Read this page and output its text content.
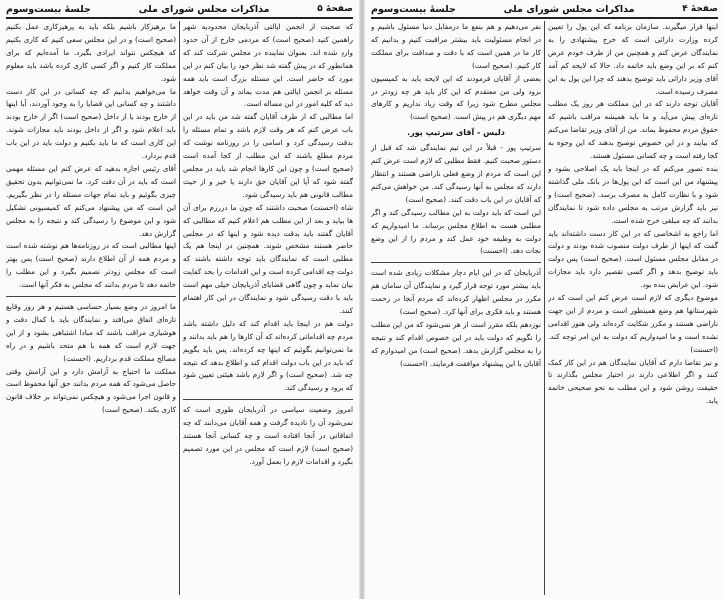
جلسهٔ بیست‌وسوم	مذاکرات مجلس شورای ملی	صفحهٔ ۵

که صحبت از انجمن ایالتی آذربایجان محدودیه شهر راهمین کنید (صحیح است) که مردمی خارج از آن حدود واردِ شده اند. بعنوان نماینده در مجلس شرکت کند که همانطور که در پیش گفته شد نظر خود را بیان کنم در این مورد که حاضر است. این مسئله بزرگ است باید همه مسئله بر انجمن ایالتی هم مدت بماند و آن وقت خواهد دید که کلیه امور در این مساله است.

اما مطالبی که از طرف آقایان گفته شد من باید در این باب عرض کنم که هر وقت لازم باشد و تمام مسئله را بدقت رسیدگی کرد و اسامی را در روزنامه نوشت که مردم مطلع باشند که این مطلب از کجا آمده است (صحیح است) و چون این کارها انجام شد باید در مجلس گفته شود که آیا این آقایان حق دارند یا خیر و از حیث مطالب قانونی هم باید رسیدگی شود.

شاه (احسنت) صحبت داشتند که چون ما دررزم برای آن ها بیاید و بعد از این مطلب هم اعلام کنیم که مطالبی که آقایان گفتند باید بدقت دیده شود و اینها که در مجلس حاضر هستند مشخص شوند. همچنین در اینجا هم یک مطلبی است که نمایندگان باید توجه داشته باشند که دولت چه اقدامی کرده است و این اقدامات را بحد کفایت بیان نماید و چون گاهی قضایای آذربایجان خیلی مهم است باید با دقت رسیدگی شود و نمایندگان در این کار اهتمام کنند.

دولت هم در اینجا باید اقدام کند که دلیل داشته باشد مردم چه اقداماتی کرده‌اند که آن کارها را هم باید بدانند و ما نمی‌توانیم بگوئیم که اینها چه کرده‌اند. پس باید بگویم که باید در این باب دولت اقدام کند و اطلاع بدهد که نتیجه چه شد. (صحیح است) و اگر لازم باشد هیئتی تعیین شود که برود و رسیدگی کند.

امروز وضعیت سیاسی در آذربایجان طوری است که نمی‌شود آن را نادیده گرفت و همه آقایان می‌دانند که چه اتفاقاتی در آنجا افتاده است و چه کسانی آنجا هستند (صحیح است) لازم است که مجلس در این مورد تصمیم بگیرد و اقدامات لازم را بعمل آورد.

ما برهیزکار باشیم بلکه باید به پرهیزکاری عمل بکنیم (صحیح است) و در این مجلس سعی کنیم که کاری بکنیم که هیچکس نتواند ایرادی بگیرد. ما آمده‌ایم که برای مملکت کار کنیم و اگر کسی کاری کرده باشد باید معلوم شود.

ما می‌خواهیم بدانیم که چه کسانی در این کار دست داشتند و چه کسانی این قضایا را به وجود آوردند، آیا اینها از خارج بودند یا از داخل (صحیح است) اگر از خارج بودند باید اعلام شود و اگر از داخل بودند باید مجازات شوند. این کاری است که ما باید بکنیم و دولت باید در این باب قدم بردارد.

آقای رئیس اجازه بدهید که عرض کنم این مسئله مهمی است که باید در آن دقت کرد. ما نمی‌توانیم بدون تحقیق چیزی بگوئیم و باید تمام جهات مسئله را در نظر بگیریم. این است که من پیشنهاد می‌کنم که کمیسیونی تشکیل شود و این موضوع را رسیدگی کند و نتیجه را به مجلس گزارش دهد.

اینها مطالبی است که در روزنامه‌ها هم نوشته شده است و مردم همه از آن اطلاع دارند (صحیح است) پس بهتر است که مجلس زودتر تصمیم بگیرد و این مطلب را خاتمه دهد تا مردم بدانند که مجلس به فکر آنها است.

ما امروز در وضع بسیار حساسی هستیم و هر روز وقایع تازه‌ای اتفاق می‌افتد و نمایندگان باید با کمال دقت و هوشیاری مراقب باشند که مبادا اشتباهی بشود و از این جهت لازم است که همه با هم متحد باشیم و در راه مصالح مملکت قدم برداریم. (احسنت)

مملکت ما احتیاج به آرامش دارد و این آرامش وقتی حاصل می‌شود که همه مردم بدانند حق آنها محفوظ است و قانون اجرا می‌شود و هیچکس نمی‌تواند بر خلاف قانون کاری بکند. (صحیح است)

صفحهٔ ۴
مذاکرات مجلس شورای ملی
جلسهٔ بیست‌وسوم

اینها قرار میگیرند. سازمان برنامه که این پول را تعیین کرده وزارت دارائی است که خرج پیشنهادی را به نمایندگان عرض کنم و همچنین من از طرف خودم عرض کنم که بر این وضع باید خاتمه داد. حالا که لایحه کم آمد آقای وزیر دارائی باید توضیح بدهند که چرا این پول به این مصرف رسیده است.

آقایان توجه دارند که در این مملکت هر روز یک مطلب تازه‌ای پیش می‌آید و ما باید همیشه مراقب باشیم که حقوق مردم محفوظ بماند. من از آقای وزیر تقاضا می‌کنم که بیایند و در این خصوص توضیح بدهند که این وجوه به کجا رفته است و چه کسانی مسئول هستند.

بنده تصور می‌کنم که در اینجا باید یک اصلاحی بشود و پیشنهاد من این است که این پول‌ها در بانک ملی گذاشته شود و با نظارت کامل به مصرف برسد. (صحیح است) و نیز باید گزارش مرتب به مجلس داده شود تا نمایندگان بدانند که چه مبلغی خرج شده است.

اما راجع به اشخاصی که در این کار دست داشته‌اند باید گفت که اینها از طرف دولت منصوب شده بودند و دولت در مقابل مجلس مسئول است. (صحیح است) پس دولت باید توضیح بدهد و اگر کسی تقصیر دارد باید مجازات شود. این عرایض بنده بود.

موضوع دیگری که لازم است عرض کنم این است که در شهرستانها هم وضع همینطور است و مردم از این جهت ناراضی هستند و مکرر شکایت کرده‌اند ولی هنوز اقدامی نشده است و ما امیدواریم که دولت به این امر توجه کند. (احسنت)

و نیز تقاضا دارم که آقایان نمایندگان هم در این کار کمک کنند و اگر اطلاعی دارند در اختیار مجلس بگذارند تا حقیقت روشن شود و این مطلب به نحو صحیحی خاتمه یابد.

نفر می‌دهیم و هم بنفع ما درمقابل دنیا مسئول باشیم و در انجام مسئولیت باید بیشتر مراقبت کنیم و بدانیم که کار ما در همین است که با دقت و صداقت برای مملکت کار کنیم. (صحیح است)

بعضی از آقایان فرمودند که این لایحه باید به کمیسیون برود ولی من معتقدم که این کار باید هر چه زودتر در مجلس مطرح شود زیرا که وقت زیاد نداریم و کارهای مهم دیگری هم در پیش است. (صحیح است)

دلیس - آقای سرتیپ پور.

سرتیپ پور - قبلاً در این تیم نمایندگی شد که قبل از دستور صحبت کنیم. فقط مطلبی که لازم است عرض کنم این است که مردم از وضع فعلی ناراضی هستند و انتظار دارند که مجلس به آنها رسیدگی کند. من خواهش می‌کنم که آقایان در این باب دقت کنند. (صحیح است)

این است که باید دولت به این مطالب رسیدگی کند و اگر مطلبی هست به اطلاع مجلس برساند. ما امیدواریم که دولت به وظیفه خود عمل کند و مردم را از این وضع نجات دهد. (احسنت)

آذربایجان که در این ایام دچار مشکلات زیادی شده است باید بیشتر مورد توجه قرار گیرد و نمایندگان آن سامان هم مکرر در مجلس اظهار کرده‌اند که مردم آنجا در زحمت هستند و باید فکری برای آنها کرد. (صحیح است)

نوزدهم بلکه مقرر است از هر نمی‌شود که من این مطلب را نگویم که دولت باید در این خصوص اقدام کند و نتیجه را به مجلس گزارش بدهد. (صحیح است) من امیدوارم که آقایان با این پیشنهاد موافقت فرمایند. (احسنت)
